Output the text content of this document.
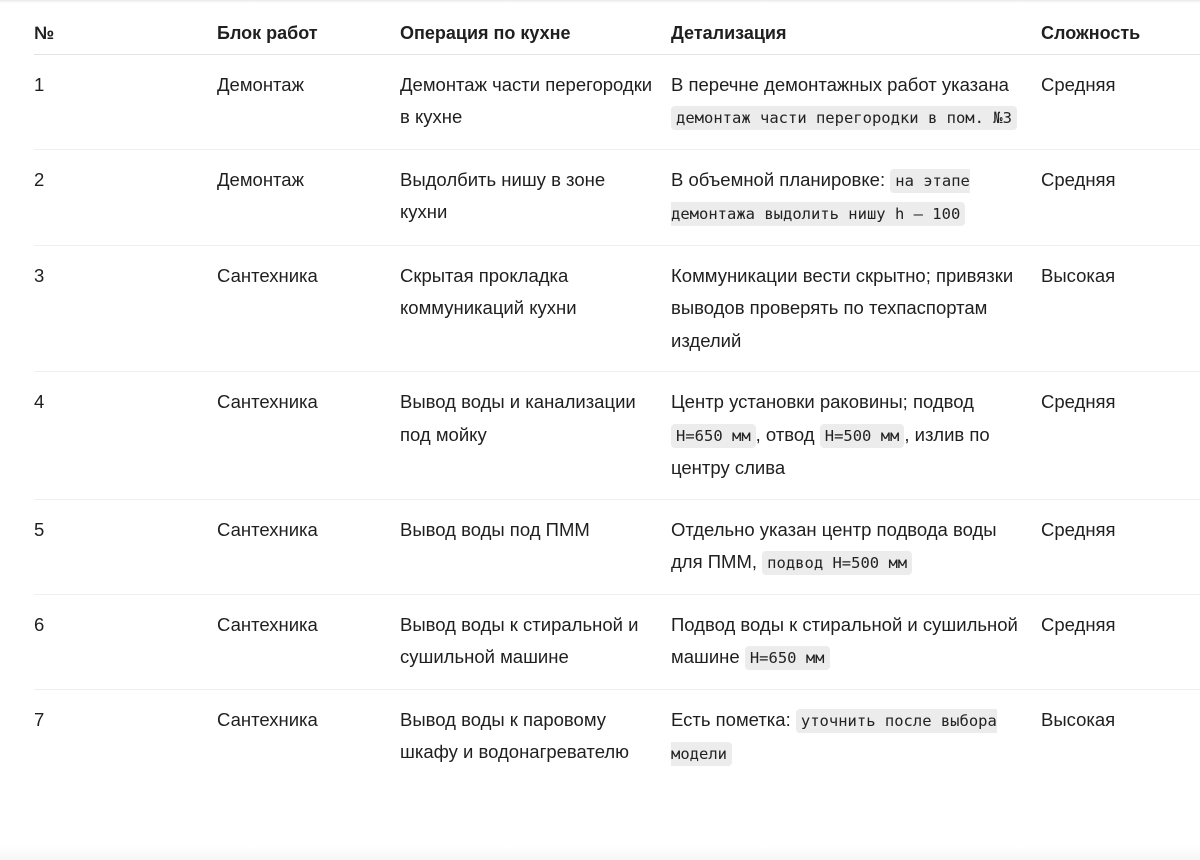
№	Блок работ	Операция по кухне	Детализация	Сложность
1	Демонтаж	Демонтаж части перегородки в кухне	В перечне демонтажных работ указана демонтаж части перегородки в пом. №3	Средняя
2	Демонтаж	Выдолбить нишу в зоне кухни	В объемной планировке: на этапе демонтажа выдолить нишу h – 100	Средняя
3	Сантехника	Скрытая прокладка коммуникаций кухни	Коммуникации вести скрытно; привязки выводов проверять по техпаспортам изделий	Высокая
4	Сантехника	Вывод воды и канализации под мойку	Центр установки раковины; подвод H=650 мм , отвод H=500 мм , излив по центру слива	Средняя
5	Сантехника	Вывод воды под ПММ	Отдельно указан центр подвода воды для ПММ, подвод H=500 мм	Средняя
6	Сантехника	Вывод воды к стиральной и сушильной машине	Подвод воды к стиральной и сушильной машине H=650 мм	Средняя
7	Сантехника	Вывод воды к паровому шкафу и водонагревателю	Есть пометка: уточнить после выбора модели	Высокая
